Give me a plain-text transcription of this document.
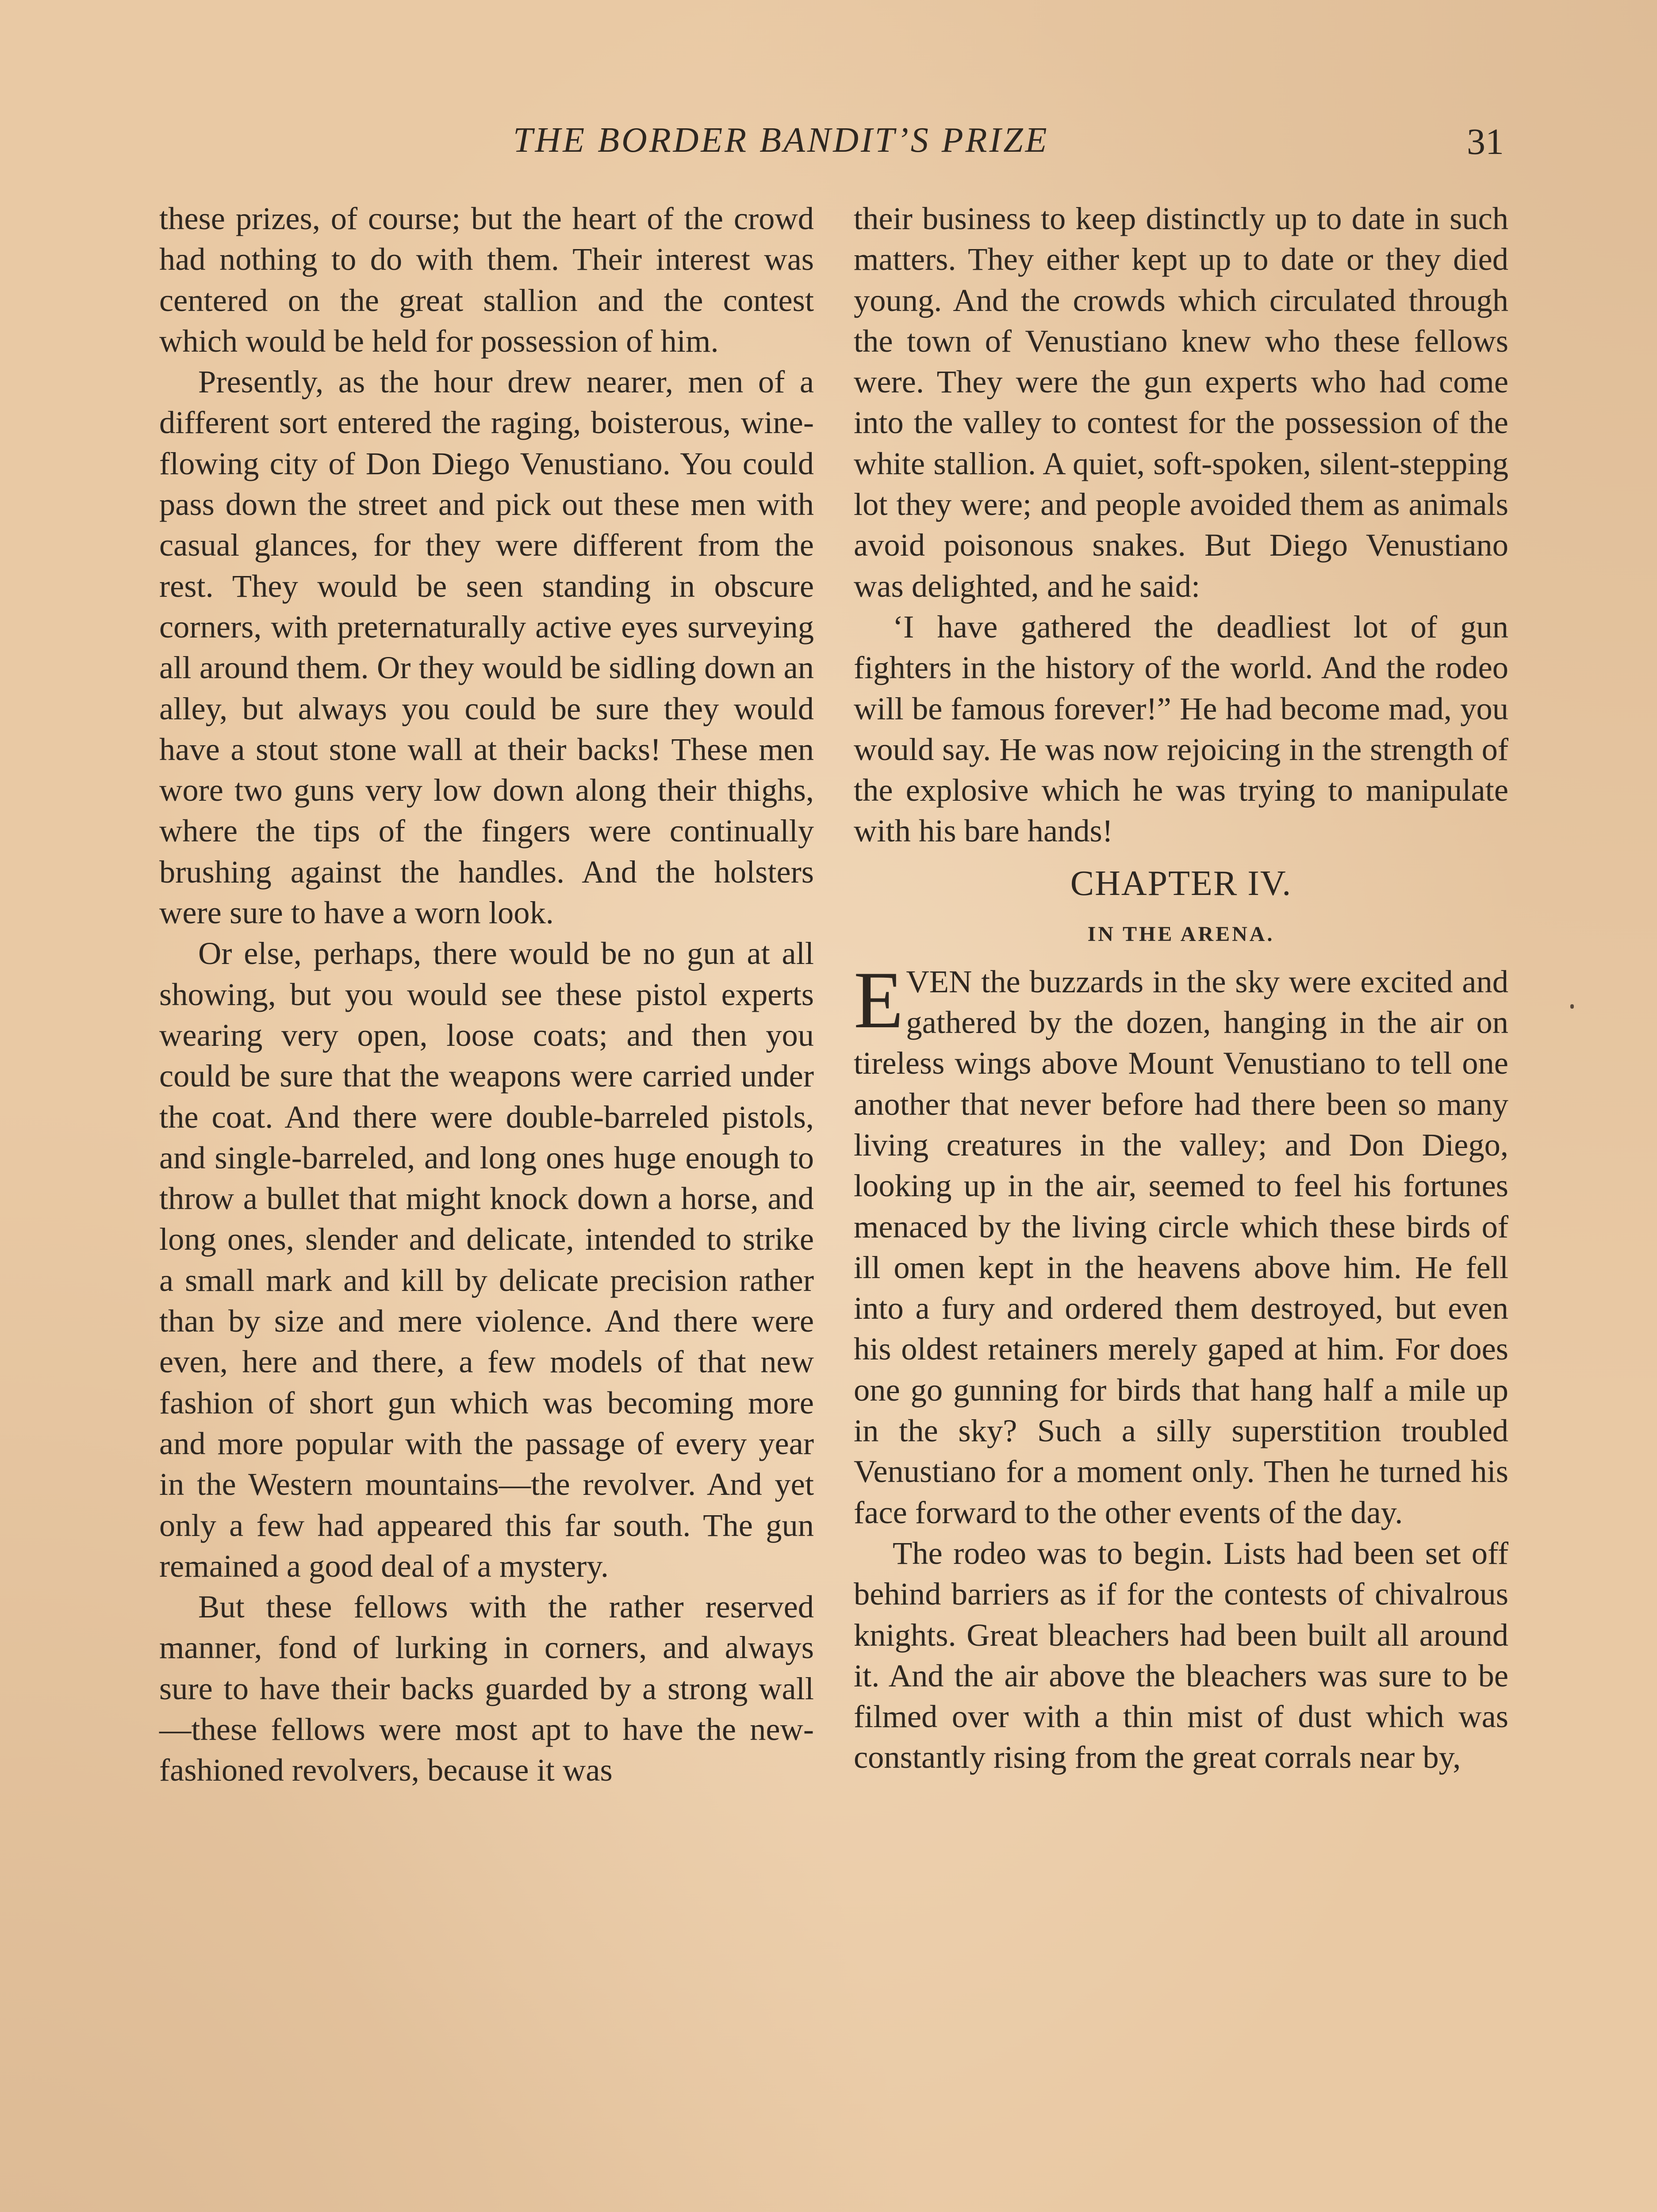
THE BORDER BANDIT’S PRIZE	31

these prizes, of course; but the heart of the crowd had nothing to do with them. Their interest was centered on the great stallion and the contest which would be held for possession of him.

Presently, as the hour drew nearer, men of a different sort entered the raging, boisterous, wine-flowing city of Don Diego Venustiano. You could pass down the street and pick out these men with casual glances, for they were different from the rest. They would be seen standing in obscure corners, with preternaturally active eyes surveying all around them. Or they would be sidling down an alley, but always you could be sure they would have a stout stone wall at their backs! These men wore two guns very low down along their thighs, where the tips of the fingers were continually brushing against the handles. And the holsters were sure to have a worn look.

Or else, perhaps, there would be no gun at all showing, but you would see these pistol experts wearing very open, loose coats; and then you could be sure that the weapons were carried under the coat. And there were double-barreled pistols, and single-barreled, and long ones huge enough to throw a bullet that might knock down a horse, and long ones, slender and delicate, intended to strike a small mark and kill by delicate precision rather than by size and mere violence. And there were even, here and there, a few models of that new fashion of short gun which was becoming more and more popular with the passage of every year in the Western mountains—the revolver. And yet only a few had appeared this far south. The gun remained a good deal of a mystery.

But these fellows with the rather reserved manner, fond of lurking in corners, and always sure to have their backs guarded by a strong wall—these fellows were most apt to have the new-fashioned revolvers, because it was

their business to keep distinctly up to date in such matters. They either kept up to date or they died young. And the crowds which circulated through the town of Venustiano knew who these fellows were. They were the gun experts who had come into the valley to contest for the possession of the white stallion. A quiet, soft-spoken, silent-stepping lot they were; and people avoided them as animals avoid poisonous snakes. But Diego Venustiano was delighted, and he said:

‘I have gathered the deadliest lot of gun fighters in the history of the world. And the rodeo will be famous forever!” He had become mad, you would say. He was now rejoicing in the strength of the explosive which he was trying to manipulate with his bare hands!

CHAPTER IV.

IN THE ARENA.

EVEN the buzzards in the sky were excited and gathered by the dozen, hanging in the air on tireless wings above Mount Venustiano to tell one another that never before had there been so many living creatures in the valley; and Don Diego, looking up in the air, seemed to feel his fortunes menaced by the living circle which these birds of ill omen kept in the heavens above him. He fell into a fury and ordered them destroyed, but even his oldest retainers merely gaped at him. For does one go gunning for birds that hang half a mile up in the sky? Such a silly superstition troubled Venustiano for a moment only. Then he turned his face forward to the other events of the day.

The rodeo was to begin. Lists had been set off behind barriers as if for the contests of chivalrous knights. Great bleachers had been built all around it. And the air above the bleachers was sure to be filmed over with a thin mist of dust which was constantly rising from the great corrals near by,
